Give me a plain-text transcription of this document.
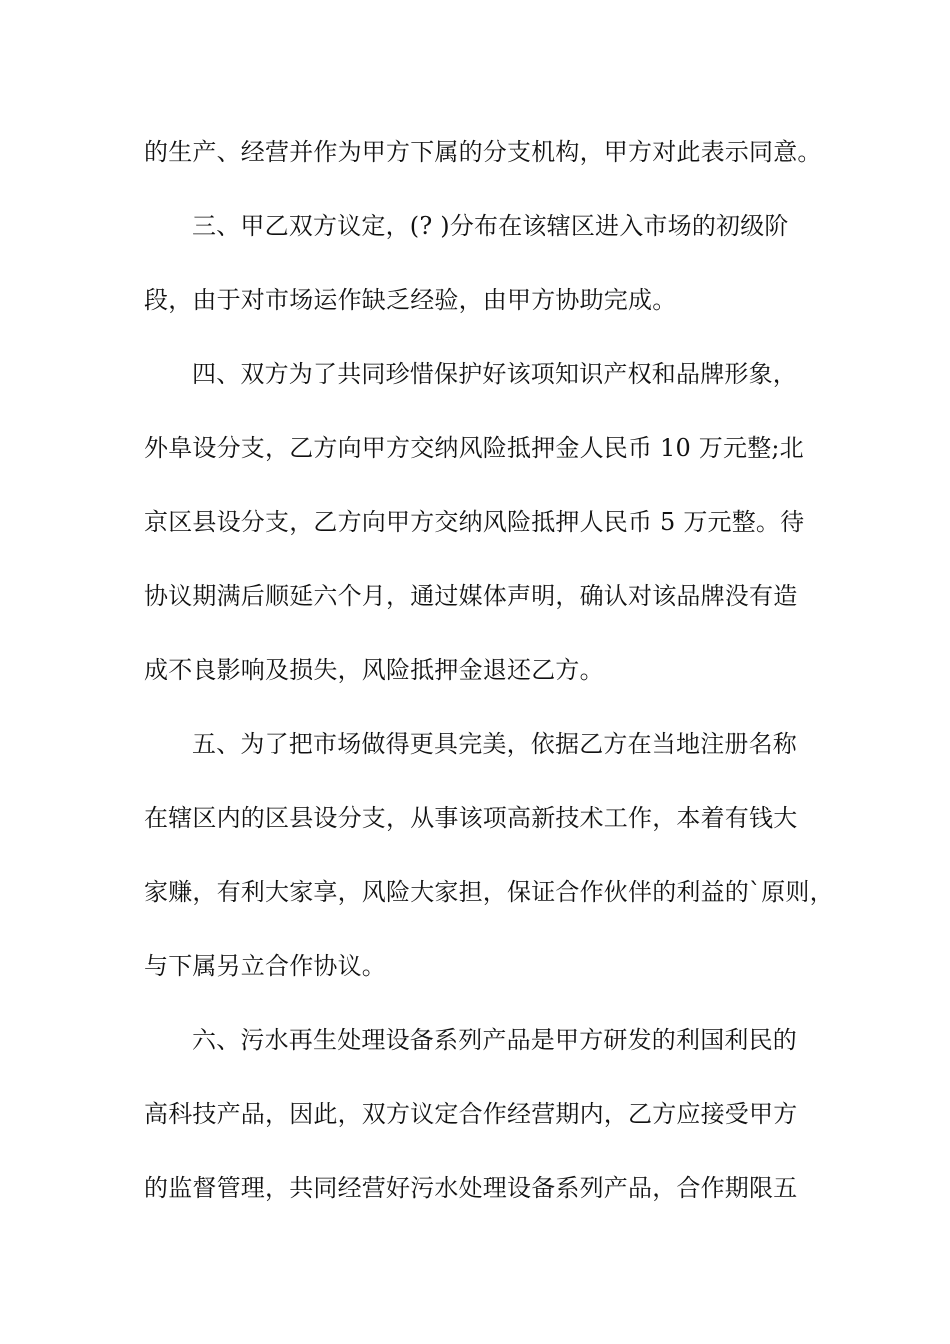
的生产、经营并作为甲方下属的分支机构，甲方对此表示同意。
三、甲乙双方议定，(? )分布在该辖区进入市场的初级阶
段，由于对市场运作缺乏经验，由甲方协助完成。
四、双方为了共同珍惜保护好该项知识产权和品牌形象，
外阜设分支，乙方向甲方交纳风险抵押金人民币 10 万元整;北
京区县设分支，乙方向甲方交纳风险抵押人民币 5 万元整。待
协议期满后顺延六个月，通过媒体声明，确认对该品牌没有造
成不良影响及损失，风险抵押金退还乙方。
五、为了把市场做得更具完美，依据乙方在当地注册名称
在辖区内的区县设分支，从事该项高新技术工作，本着有钱大
家赚，有利大家享，风险大家担，保证合作伙伴的利益的`原则，
与下属另立合作协议。
六、污水再生处理设备系列产品是甲方研发的利国利民的
高科技产品，因此，双方议定合作经营期内，乙方应接受甲方
的监督管理，共同经营好污水处理设备系列产品，合作期限五
